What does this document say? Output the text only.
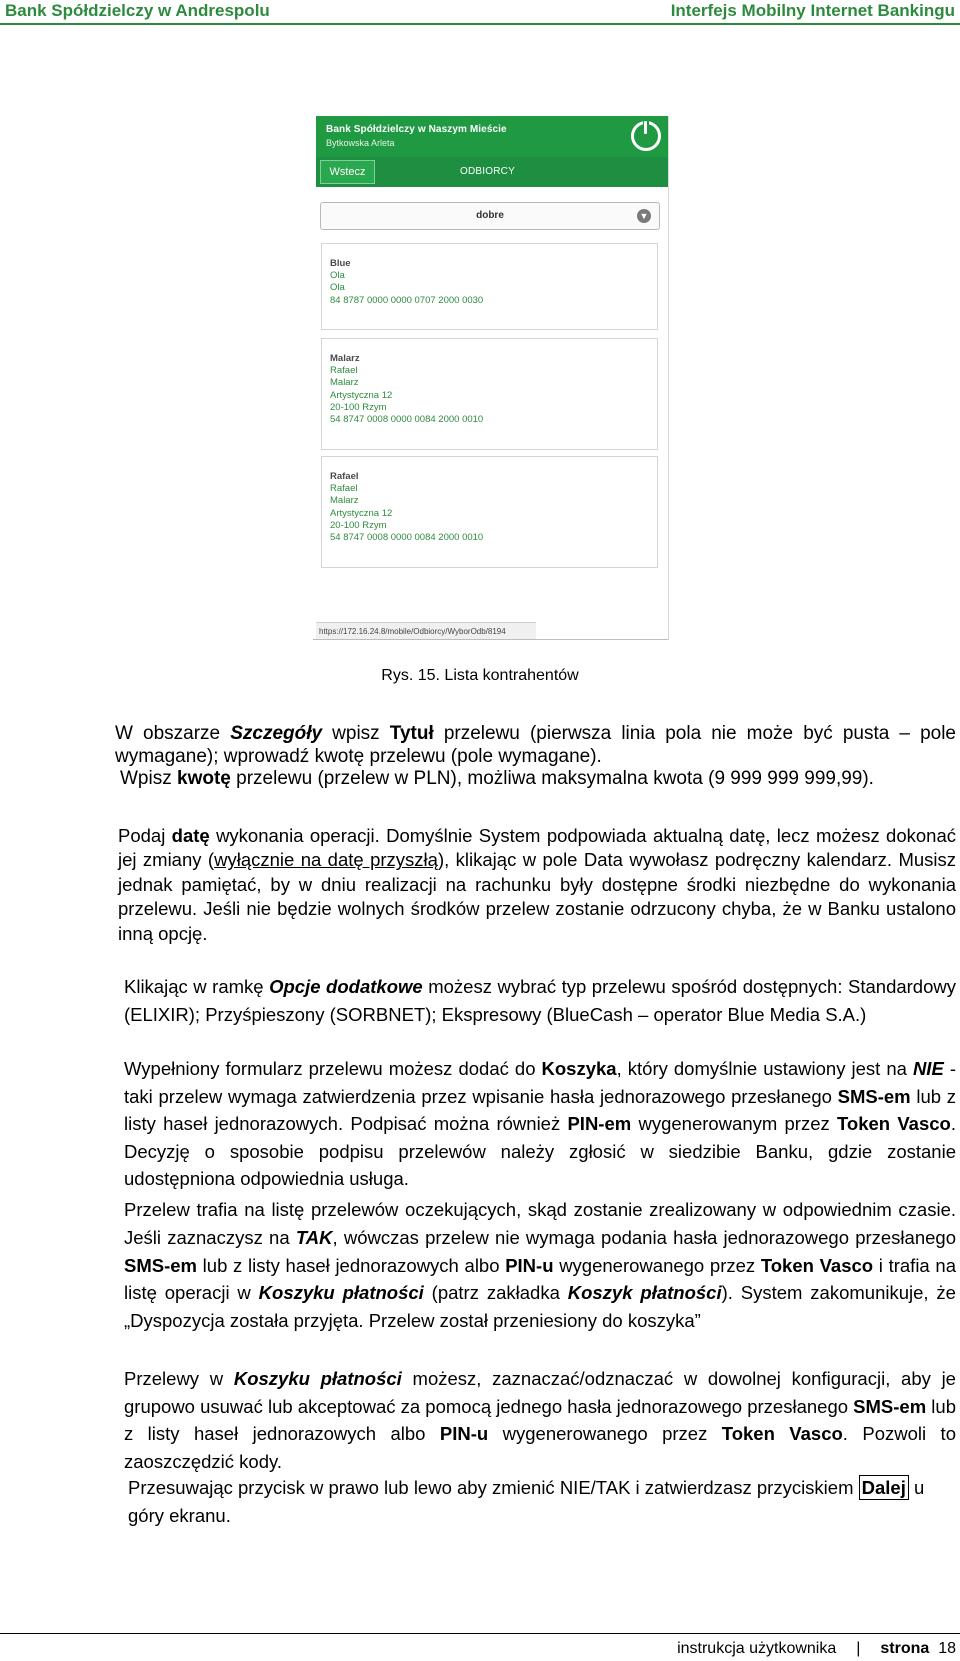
Bank Spółdzielczy w Andrespolu	Interfejs Mobilny Internet Bankingu
Bank Spółdzielczy w Naszym Mieście
Bytkowska Arleta
Wstecz	ODBIORCY
dobre	▼
Blue
Ola
Ola
84 8787 0000 0000 0707 2000 0030
Malarz
Rafael
Malarz
Artystyczna 12
20-100 Rzym
54 8747 0008 0000 0084 2000 0010
Rafael
Rafael
Malarz
Artystyczna 12
20-100 Rzym
54 8747 0008 0000 0084 2000 0010
https://172.16.24.8/mobile/Odbiorcy/WyborOdb/8194
Rys. 15. Lista kontrahentów
W obszarze Szczegóły wpisz Tytuł przelewu (pierwsza linia pola nie może być pusta – pole wymagane); wprowadź kwotę przelewu (pole wymagane).
Wpisz kwotę przelewu (przelew w PLN), możliwa maksymalna kwota (9 999 999 999,99).
Podaj datę wykonania operacji. Domyślnie System podpowiada aktualną datę, lecz możesz dokonać jej zmiany (wyłącznie na datę przyszłą), klikając w pole Data wywołasz podręczny kalendarz. Musisz jednak pamiętać, by w dniu realizacji na rachunku były dostępne środki niezbędne do wykonania przelewu. Jeśli nie będzie wolnych środków przelew zostanie odrzucony chyba, że w Banku ustalono inną opcję.
Klikając w ramkę Opcje dodatkowe możesz wybrać typ przelewu spośród dostępnych: Standardowy (ELIXIR); Przyśpieszony (SORBNET); Ekspresowy (BlueCash – operator Blue Media S.A.)
Wypełniony formularz przelewu możesz dodać do Koszyka, który domyślnie ustawiony jest na NIE - taki przelew wymaga zatwierdzenia przez wpisanie hasła jednorazowego przesłanego SMS-em lub z listy haseł jednorazowych. Podpisać można również PIN-em wygenerowanym przez Token Vasco. Decyzję o sposobie podpisu przelewów należy zgłosić w siedzibie Banku, gdzie zostanie udostępniona odpowiednia usługa.
Przelew trafia na listę przelewów oczekujących, skąd zostanie zrealizowany w odpowiednim czasie. Jeśli zaznaczysz na TAK, wówczas przelew nie wymaga podania hasła jednorazowego przesłanego SMS-em lub z listy haseł jednorazowych albo PIN-u wygenerowanego przez Token Vasco i trafia na listę operacji w Koszyku płatności (patrz zakładka Koszyk płatności). System zakomunikuje, że „Dyspozycja została przyjęta. Przelew został przeniesiony do koszyka”
Przelewy w Koszyku płatności możesz, zaznaczać/odznaczać w dowolnej konfiguracji, aby je grupowo usuwać lub akceptować za pomocą jednego hasła jednorazowego przesłanego SMS-em lub z listy haseł jednorazowych albo PIN-u wygenerowanego przez Token Vasco. Pozwoli to zaoszczędzić kody.
Przesuwając przycisk w prawo lub lewo aby zmienić NIE/TAK i zatwierdzasz przyciskiem Dalej u góry ekranu.
instrukcja użytkownika | strona 18
